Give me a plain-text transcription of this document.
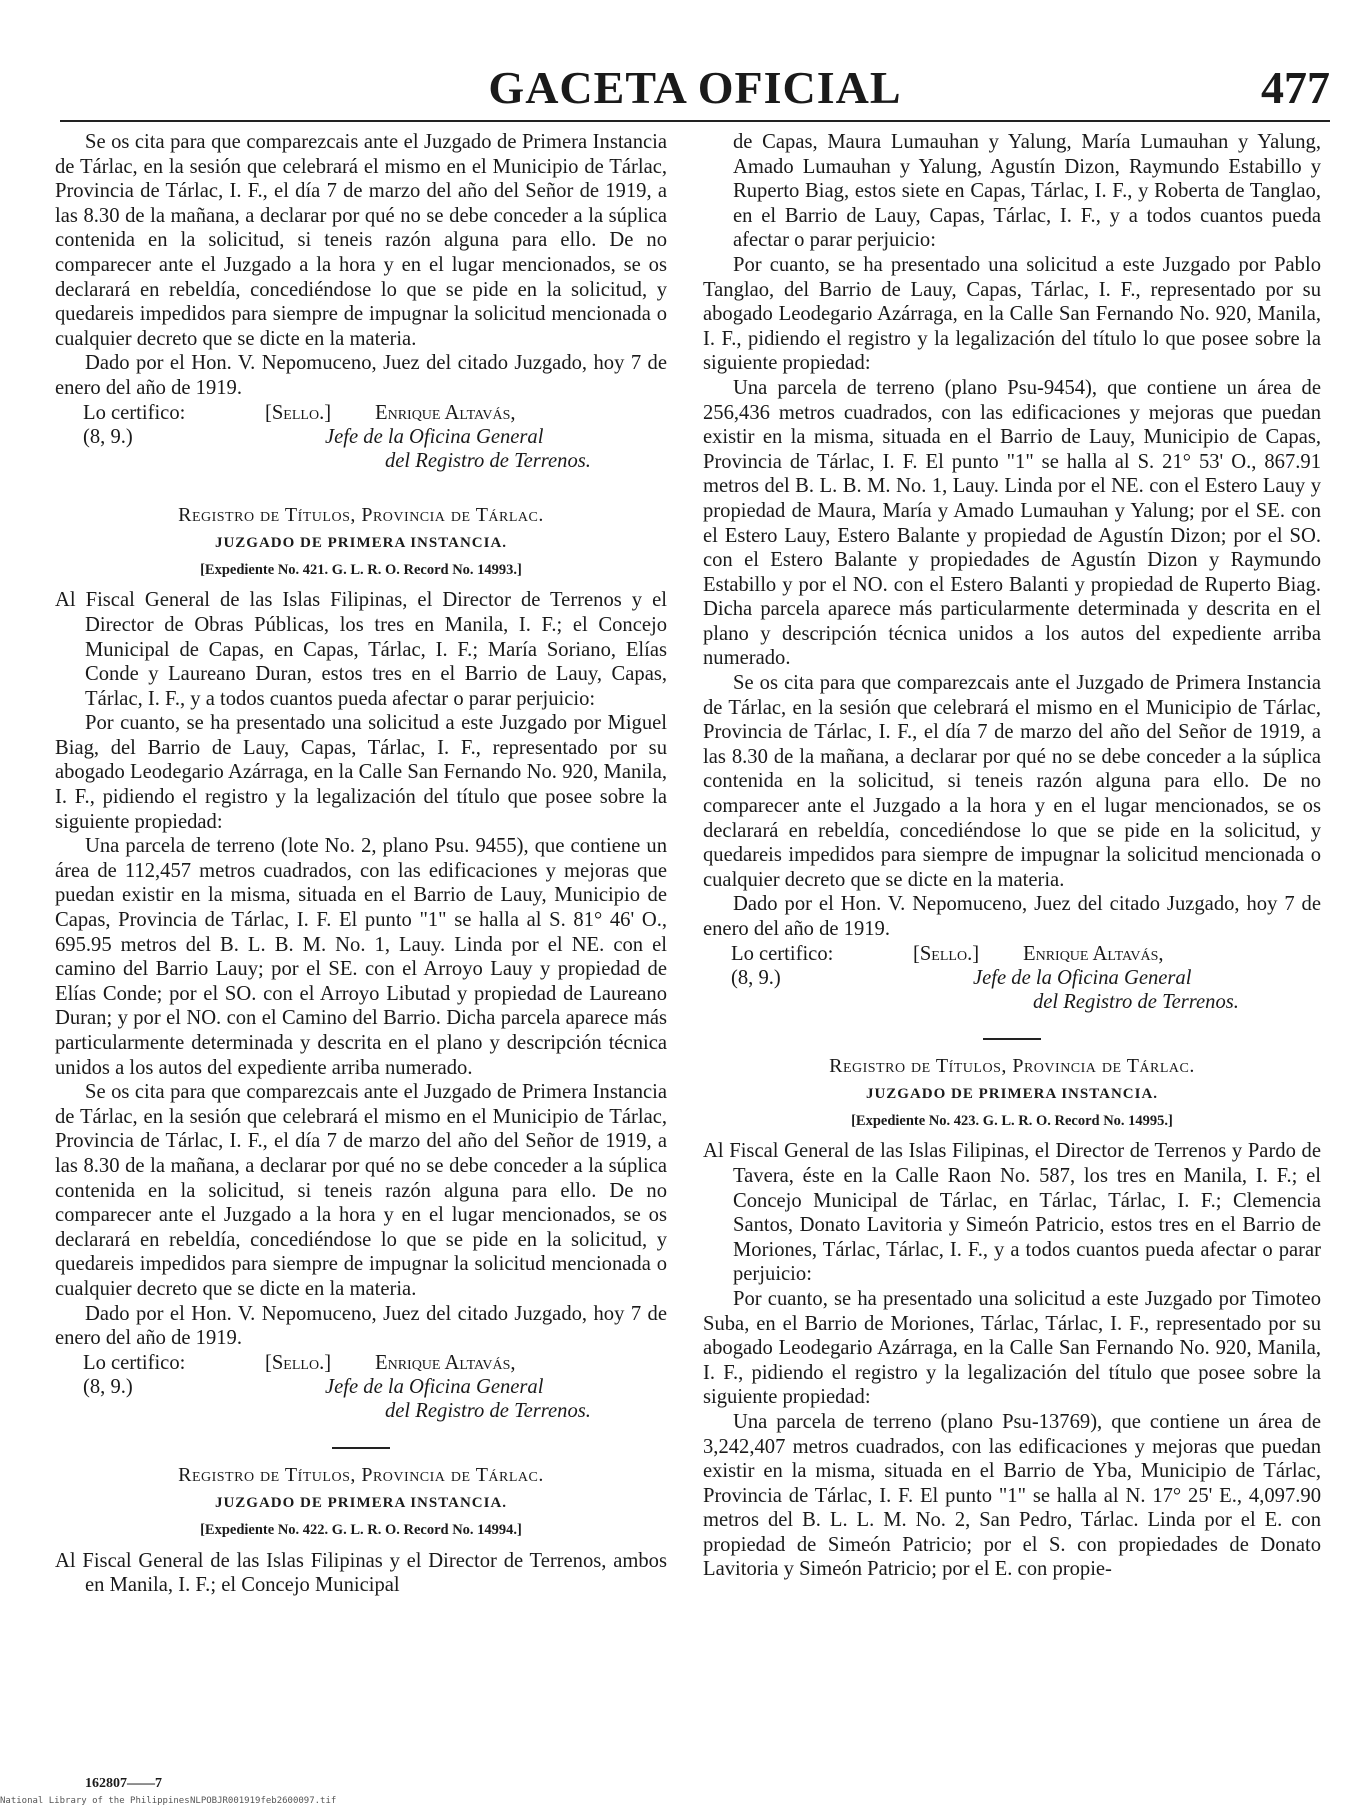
GACETA OFICIAL	477

Se os cita para que comparezcais ante el Juzgado de Primera Instancia de Tárlac, en la sesión que celebrará el mismo en el Municipio de Tárlac, Provincia de Tárlac, I. F., el día 7 de marzo del año del Señor de 1919, a las 8.30 de la mañana, a declarar por qué no se debe conceder a la súplica contenida en la solicitud, si teneis razón alguna para ello. De no comparecer ante el Juzgado a la hora y en el lugar mencionados, se os declarará en rebeldía, concediéndose lo que se pide en la solicitud, y quedareis impedidos para siempre de impugnar la solicitud mencionada o cualquier decreto que se dicte en la materia.

Dado por el Hon. V. Nepomuceno, Juez del citado Juzgado, hoy 7 de enero del año de 1919.

Lo certifico:	[Sello.] Enrique Altavás,
(8, 9.)	Jefe de la Oficina General
del Registro de Terrenos.
Registro de Títulos, Provincia de Tárlac.
JUZGADO DE PRIMERA INSTANCIA.
[Expediente No. 421. G. L. R. O. Record No. 14993.]

Al Fiscal General de las Islas Filipinas, el Director de Terrenos y el Director de Obras Públicas, los tres en Manila, I. F.; el Concejo Municipal de Capas, en Capas, Tárlac, I. F.; María Soriano, Elías Conde y Laureano Duran, estos tres en el Barrio de Lauy, Capas, Tárlac, I. F., y a todos cuantos pueda afectar o parar perjuicio:

Por cuanto, se ha presentado una solicitud a este Juzgado por Miguel Biag, del Barrio de Lauy, Capas, Tárlac, I. F., representado por su abogado Leodegario Azárraga, en la Calle San Fernando No. 920, Manila, I. F., pidiendo el registro y la legalización del título que posee sobre la siguiente propiedad:

Una parcela de terreno (lote No. 2, plano Psu. 9455), que contiene un área de 112,457 metros cuadrados, con las edificaciones y mejoras que puedan existir en la misma, situada en el Barrio de Lauy, Municipio de Capas, Provincia de Tárlac, I. F. El punto "1" se halla al S. 81° 46' O., 695.95 metros del B. L. B. M. No. 1, Lauy. Linda por el NE. con el camino del Barrio Lauy; por el SE. con el Arroyo Lauy y propiedad de Elías Conde; por el SO. con el Arroyo Libutad y propiedad de Laureano Duran; y por el NO. con el Camino del Barrio. Dicha parcela aparece más particularmente determinada y descrita en el plano y descripción técnica unidos a los autos del expediente arriba numerado.

Se os cita para que comparezcais ante el Juzgado de Primera Instancia de Tárlac, en la sesión que celebrará el mismo en el Municipio de Tárlac, Provincia de Tárlac, I. F., el día 7 de marzo del año del Señor de 1919, a las 8.30 de la mañana, a declarar por qué no se debe conceder a la súplica contenida en la solicitud, si teneis razón alguna para ello. De no comparecer ante el Juzgado a la hora y en el lugar mencionados, se os declarará en rebeldía, concediéndose lo que se pide en la solicitud, y quedareis impedidos para siempre de impugnar la solicitud mencionada o cualquier decreto que se dicte en la materia.

Dado por el Hon. V. Nepomuceno, Juez del citado Juzgado, hoy 7 de enero del año de 1919.

Lo certifico:	[Sello.] Enrique Altavás,
(8, 9.)	Jefe de la Oficina General
del Registro de Terrenos.
Registro de Títulos, Provincia de Tárlac.
JUZGADO DE PRIMERA INSTANCIA.
[Expediente No. 422. G. L. R. O. Record No. 14994.]

Al Fiscal General de las Islas Filipinas y el Director de Terrenos, ambos en Manila, I. F.; el Concejo Municipal

de Capas, Maura Lumauhan y Yalung, María Lumauhan y Yalung, Amado Lumauhan y Yalung, Agustín Dizon, Raymundo Estabillo y Ruperto Biag, estos siete en Capas, Tárlac, I. F., y Roberta de Tanglao, en el Barrio de Lauy, Capas, Tárlac, I. F., y a todos cuantos pueda afectar o parar perjuicio:

Por cuanto, se ha presentado una solicitud a este Juzgado por Pablo Tanglao, del Barrio de Lauy, Capas, Tárlac, I. F., representado por su abogado Leodegario Azárraga, en la Calle San Fernando No. 920, Manila, I. F., pidiendo el registro y la legalización del título lo que posee sobre la siguiente propiedad:

Una parcela de terreno (plano Psu-9454), que contiene un área de 256,436 metros cuadrados, con las edificaciones y mejoras que puedan existir en la misma, situada en el Barrio de Lauy, Municipio de Capas, Provincia de Tárlac, I. F. El punto "1" se halla al S. 21° 53' O., 867.91 metros del B. L. B. M. No. 1, Lauy. Linda por el NE. con el Estero Lauy y propiedad de Maura, María y Amado Lumauhan y Yalung; por el SE. con el Estero Lauy, Estero Balante y propiedad de Agustín Dizon; por el SO. con el Estero Balante y propiedades de Agustín Dizon y Raymundo Estabillo y por el NO. con el Estero Balanti y propiedad de Ruperto Biag. Dicha parcela aparece más particularmente determinada y descrita en el plano y descripción técnica unidos a los autos del expediente arriba numerado.

Se os cita para que comparezcais ante el Juzgado de Primera Instancia de Tárlac, en la sesión que celebrará el mismo en el Municipio de Tárlac, Provincia de Tárlac, I. F., el día 7 de marzo del año del Señor de 1919, a las 8.30 de la mañana, a declarar por qué no se debe conceder a la súplica contenida en la solicitud, si teneis razón alguna para ello. De no comparecer ante el Juzgado a la hora y en el lugar mencionados, se os declarará en rebeldía, concediéndose lo que se pide en la solicitud, y quedareis impedidos para siempre de impugnar la solicitud mencionada o cualquier decreto que se dicte en la materia.

Dado por el Hon. V. Nepomuceno, Juez del citado Juzgado, hoy 7 de enero del año de 1919.

Lo certifico:	[Sello.] Enrique Altavás,
(8, 9.)	Jefe de la Oficina General
del Registro de Terrenos.
Registro de Títulos, Provincia de Tárlac.
JUZGADO DE PRIMERA INSTANCIA.
[Expediente No. 423. G. L. R. O. Record No. 14995.]

Al Fiscal General de las Islas Filipinas, el Director de Terrenos y Pardo de Tavera, éste en la Calle Raon No. 587, los tres en Manila, I. F.; el Concejo Municipal de Tárlac, en Tárlac, Tárlac, I. F.; Clemencia Santos, Donato Lavitoria y Simeón Patricio, estos tres en el Barrio de Moriones, Tárlac, Tárlac, I. F., y a todos cuantos pueda afectar o parar perjuicio:

Por cuanto, se ha presentado una solicitud a este Juzgado por Timoteo Suba, en el Barrio de Moriones, Tárlac, Tárlac, I. F., representado por su abogado Leodegario Azárraga, en la Calle San Fernando No. 920, Manila, I. F., pidiendo el registro y la legalización del título que posee sobre la siguiente propiedad:

Una parcela de terreno (plano Psu-13769), que contiene un área de 3,242,407 metros cuadrados, con las edificaciones y mejoras que puedan existir en la misma, situada en el Barrio de Yba, Municipio de Tárlac, Provincia de Tárlac, I. F. El punto "1" se halla al N. 17° 25' E., 4,097.90 metros del B. L. L. M. No. 2, San Pedro, Tárlac. Linda por el E. con propiedad de Simeón Patricio; por el S. con propiedades de Donato Lavitoria y Simeón Patricio; por el E. con propie-

162807——7
National Library of the Philippines NLPOBJR001919feb2600097.tif
